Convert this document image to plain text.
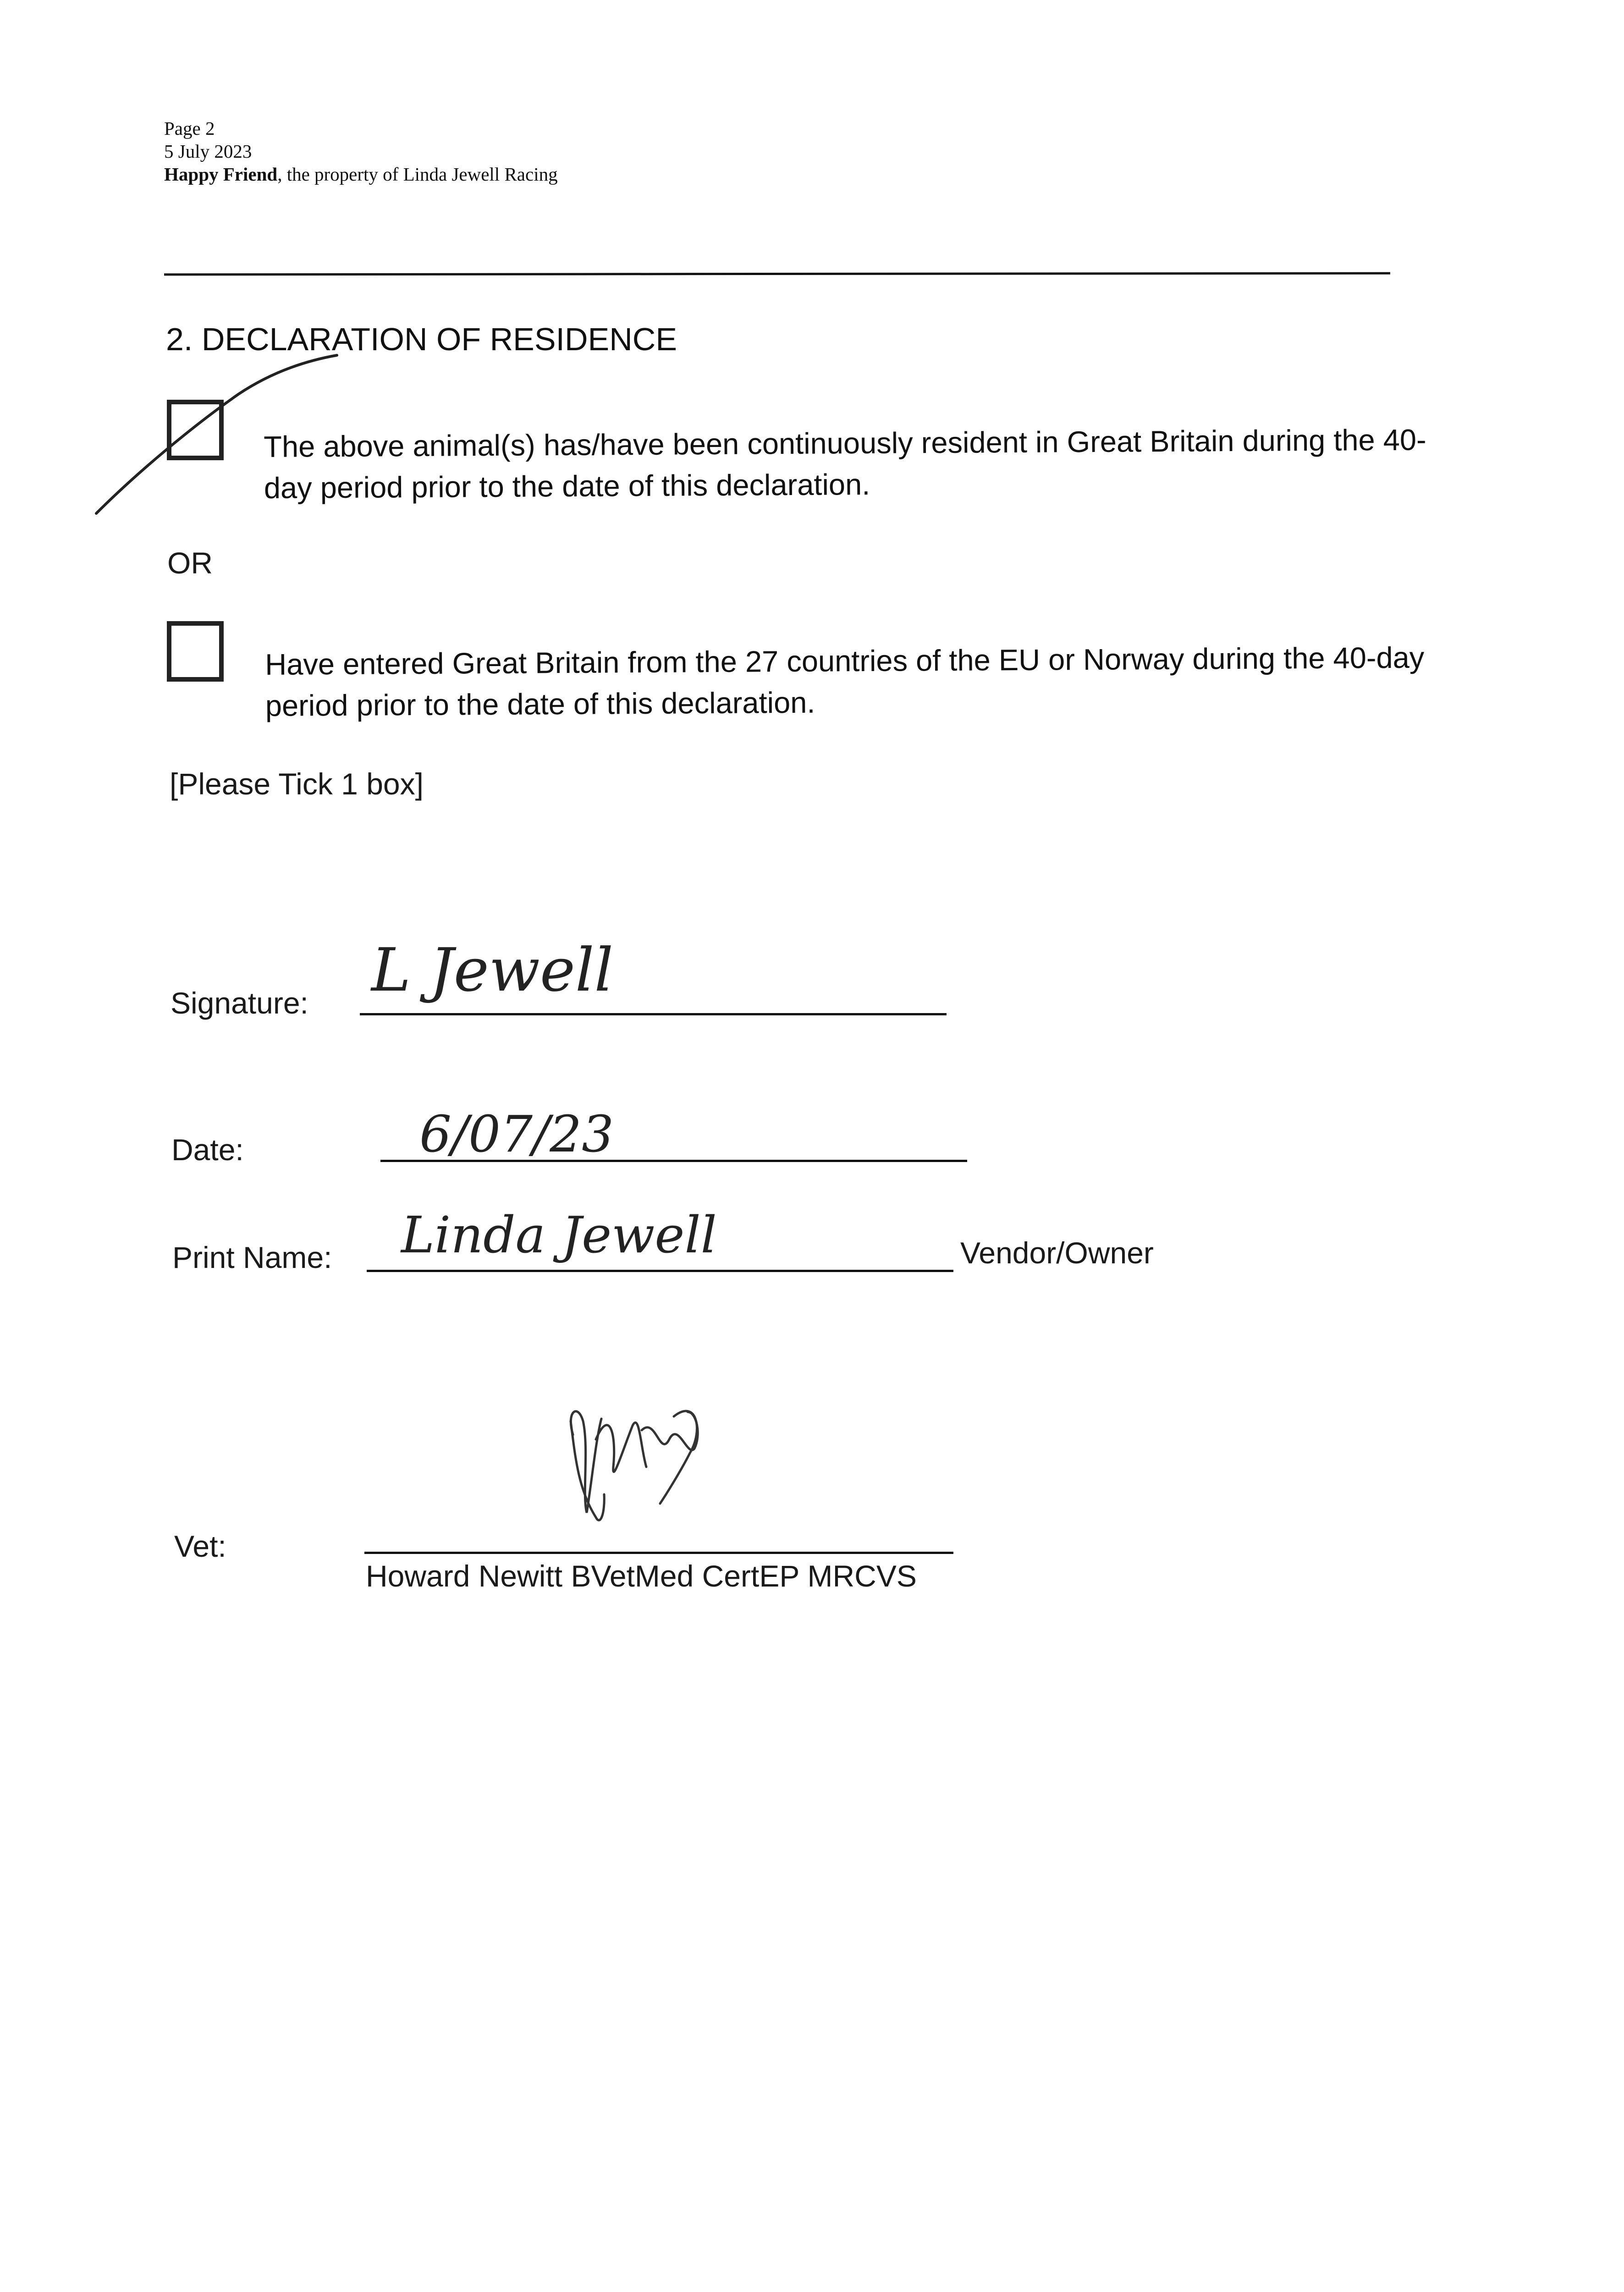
Page 2
5 July 2023
Happy Friend, the property of Linda Jewell Racing
2. DECLARATION OF RESIDENCE
The above animal(s) has/have been continuously resident in Great Britain during the 40-day period prior to the date of this declaration.
OR
Have entered Great Britain from the 27 countries of the EU or Norway during the 40-day period prior to the date of this declaration.
[Please Tick 1 box]
Signature: L Jewell
Date:	6/07/23
Print Name: Linda Jewell	Vendor/Owner
Vet:
Howard Newitt BVetMed CertEP MRCVS
